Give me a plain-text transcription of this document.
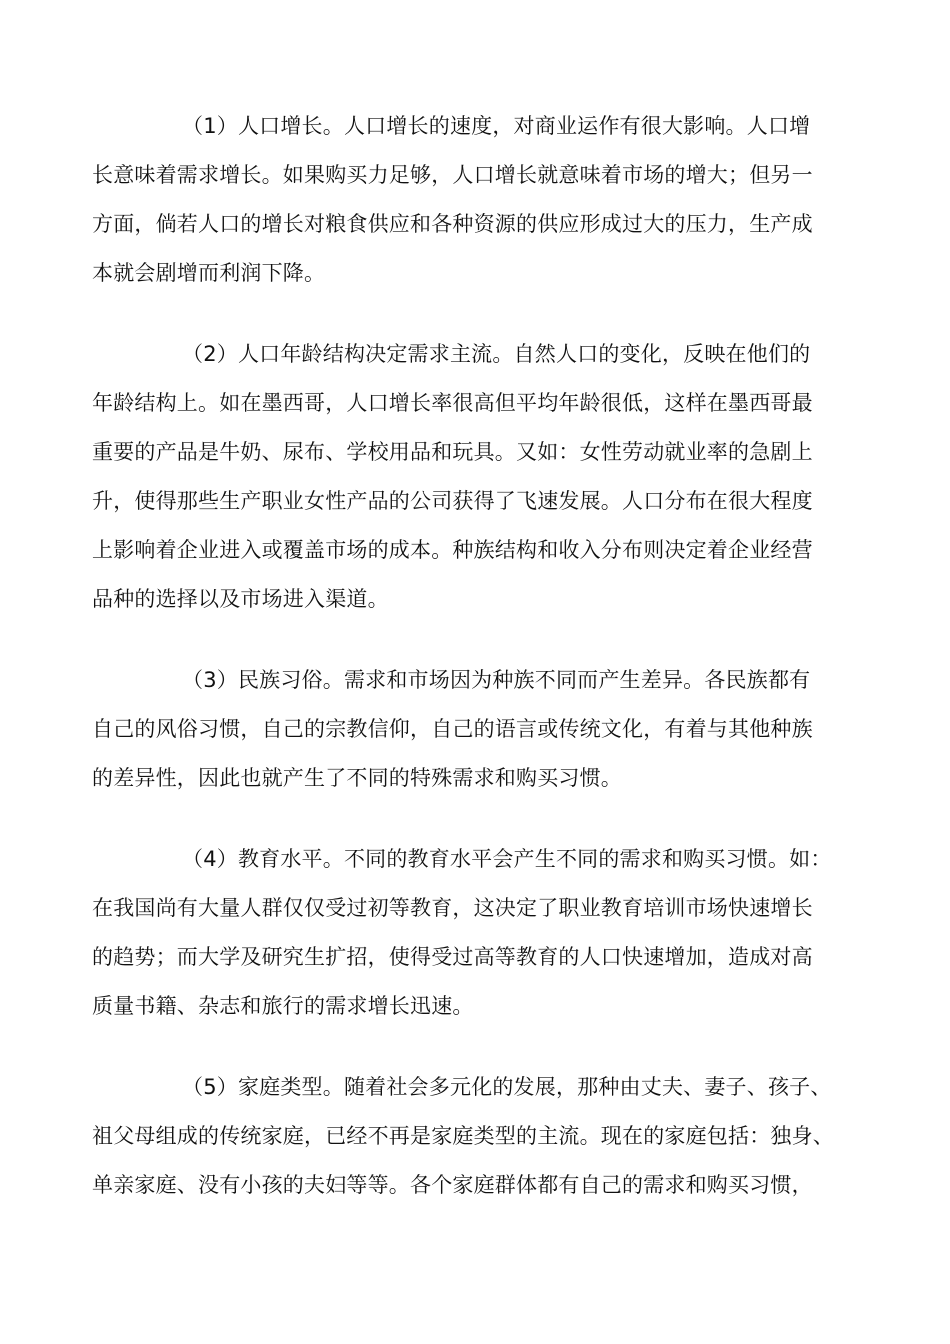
（1）人口增长。人口增长的速度，对商业运作有很大影响。人口增
长意味着需求增长。如果购买力足够，人口增长就意味着市场的增大；但另一
方面，倘若人口的增长对粮食供应和各种资源的供应形成过大的压力，生产成
本就会剧增而利润下降。
（2）人口年龄结构决定需求主流。自然人口的变化，反映在他们的
年龄结构上。如在墨西哥，人口增长率很高但平均年龄很低，这样在墨西哥最
重要的产品是牛奶、尿布、学校用品和玩具。又如：女性劳动就业率的急剧上
升，使得那些生产职业女性产品的公司获得了飞速发展。人口分布在很大程度
上影响着企业进入或覆盖市场的成本。种族结构和收入分布则决定着企业经营
品种的选择以及市场进入渠道。
（3）民族习俗。需求和市场因为种族不同而产生差异。各民族都有
自己的风俗习惯，自己的宗教信仰，自己的语言或传统文化，有着与其他种族
的差异性，因此也就产生了不同的特殊需求和购买习惯。
（4）教育水平。不同的教育水平会产生不同的需求和购买习惯。如：
在我国尚有大量人群仅仅受过初等教育，这决定了职业教育培训市场快速增长
的趋势；而大学及研究生扩招，使得受过高等教育的人口快速增加，造成对高
质量书籍、杂志和旅行的需求增长迅速。
（5）家庭类型。随着社会多元化的发展，那种由丈夫、妻子、孩子、
祖父母组成的传统家庭，已经不再是家庭类型的主流。现在的家庭包括：独身、
单亲家庭、没有小孩的夫妇等等。各个家庭群体都有自己的需求和购买习惯，
